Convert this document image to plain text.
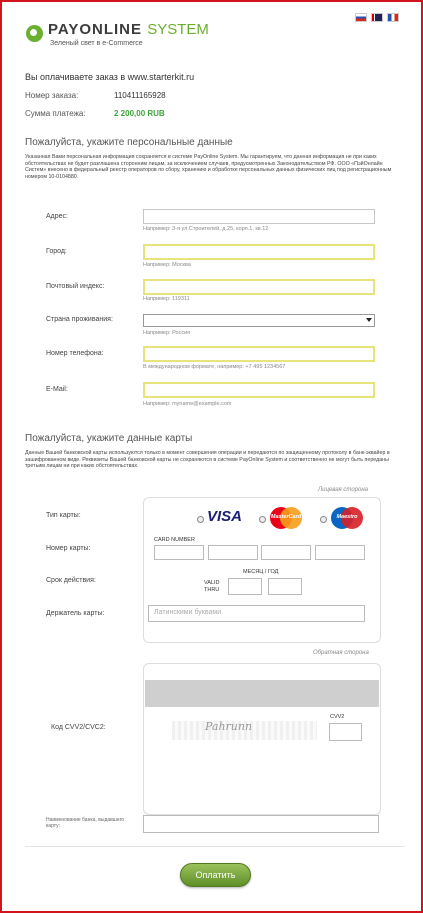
PAYONLINE SYSTEM
Зеленый свет в e-Commerce
Вы оплачиваете заказ в www.starterkit.ru
Номер заказа:	110411165928
Сумма платежа:	2 200,00 RUB
Пожалуйста, укажите персональные данные
Указанная Вами персональная информация сохраняется в системе PayOnline System. Мы гарантируем, что данная информация не при каких обстоятельствах не будет разглашена сторонним лицам, за исключением случаев, предусмотренных Законодательством РФ. ООО «ПэйОнлайн Систем» внесено в федеральный реестр операторов по сбору, хранению и обработке персональных данных физических лиц под регистрационным номером 10-0104880.
Адрес:
Например: 3-я ул.Строителей, д.25, корп.1, кв.12
Город:
Например: Москва
Почтовый индекс:
Например: 119311
Страна проживания:
Например: Россия
Номер телефона:
В международном формате, например: +7 495 1234567
E-Mail:
Например: myname@example.com
Пожалуйста, укажите данные карты
Данные Вашей банковской карты используются только в момент совершения операции и передаются по защищенному протоколу в банк-эквайер в зашифрованном виде. Реквизиты Вашей банковской карты не сохраняются в системе PayOnline System и соответственно не могут быть переданы третьим лицам ни при каких обстоятельствах.
Лицевая сторона
Тип карты:	VISA	MasterCard	Maestro
CARD NUMBER
Номер карты:
МЕСЯЦ / ГОД
Срок действия:	VALID
THRU
Держатель карты:	Латинскими буквами
Обратная сторона
Pahrunn
Код CVV2/CVC2:
CVV2
Наименование банка, выдавшего карту:
Оплатить
